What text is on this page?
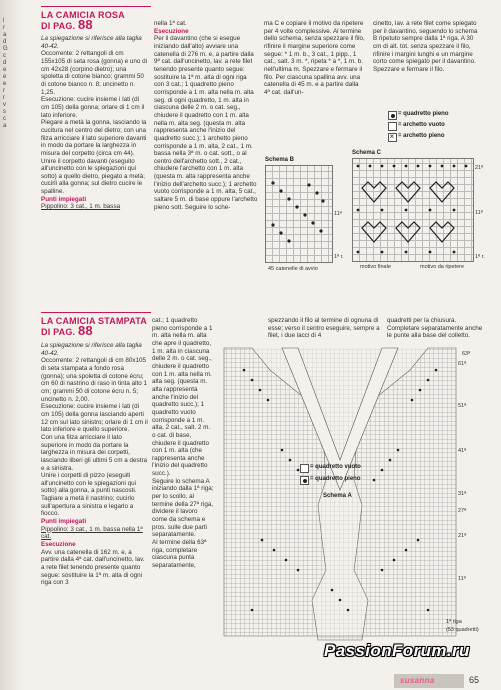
l
r
a
d
G
c
d
e
e
e
r
r
v
s
c
a
LA CAMICIA ROSA
DI PAG. 88

La spiegazione si riferisce alla taglia 40-42.

Occorrente: 2 rettangoli di cm 155x105 di seta rosa (gonna) e uno di cm 42x28 (corpino dietro); una spoletta di cotone bianco; grammi 50 di cotone bianco n. 8; uncinetto n. 1,25.

Esecuzione: cucire insieme i lati (di cm 105) della gonna; orlare di 1 cm il lato inferiore.

Piegare a metà la gonna, lasciando la cucitura nel centro del dietro; con una filza arricciare il lato superiore davanti in modo da portare la larghezza in misura del corpetto (circa cm 44).

Unire il corpetto davanti (eseguito all'uncinetto con le spiegazioni qui sotto) a quello dietro, piegato a metà; cucirli alla gonna; sul dietro cucire le spalline.

Punti impiegati

Pippolino: 3 cat., 1 m. bassa

nella 1ª cat.

Esecuzione

Per il davantino (che si esegue iniziando dall'alto) avviare una catenella di 276 m. e, a partire dalla 9ª cat. dall'uncinetto, lav. a rete filet tenendo presente quanto segue: sostituire la 1ª m. alta di ogni riga con 3 cat.; 1 quadretto pieno corrisponde a 1 m. alta nella m. alta seg. di ogni quadretto, 1 m. alta in ciascuna delle 2 m. o cat. seg., chiudere il quadretto con 1 m. alta nella m. alta seg. (questa m. alta rappresenta anche l'inizio del quadretto succ.); 1 archetto pieno corrisponde a 1 m. alta, 2 cat., 1 m. bassa nella 3ª m. o cat. sott., o al centro dell'archetto sott., 2 cat., chiudere l'archetto con 1 m. alta (questa m. alta rappresenta anche l'inizio dell'archetto succ.); 1 archetto vuoto corrisponde a 1 m. alta, 5 cat., saltare 5 m. di base oppure l'archetto pieno sott. Seguire lo sche-

ma C e copiare il motivo da ripetere per 4 volte complessive. Al termine dello schema, senza spezzare il filo, rifinire il margine superiore come segue: * 1 m. b., 3 cat., 1 pipp., 1 cat., salt. 3 m. *, ripeta * a *, 1 m. b. nell'ultima m. Spezzare e fermare il filo. Per ciascuna spallina avv. una catenella di 45 m. e a partire dalla 4ª cat. dall'un-

cinetto, lav. a rete filet come spiegato per il davantino, seguendo lo schema B ripetuto sempre dalla 1ª riga. A 30 cm di alt. tot. senza spezzare il filo, rifinire i margini lunghi e un margine corto come spiegato per il davantino. Spezzare e fermare il filo.

= quadretto pieno
= archetto vuoto
×
= archetto pieno
Schema B
11ª
1ª r.
45 catenelle di avvio
Schema C
21ª
11ª
1ª r.
motivo finale	motivo da ripetere
LA CAMICIA STAMPATA
DI PAG. 88

La spiegazione si riferisce alla taglia 40-42.

Occorrente: 2 rettangoli di cm 80x105 di seta stampata a fondo rosa (gonna); una spoletta di cotone écru; cm 60 di nastrino di raso in tinta alto 1 cm; grammi 50 di cotone écru n. 5; uncinetto n. 2,00.

Esecuzione: cucire insieme i lati (di cm 105) della gonna lasciando aperti 12 cm sul lato sinistro; orlare di 1 cm il lato inferiore e quello superiore.

Con una filza arricciare il lato superiore in modo da portare la larghezza in misura dei corpetti, lasciando liberi gli ultimi 5 cm a destra e a sinistra.

Unire i corpetti di pizzo (eseguiti all'uncinetto con le spiegazioni qui sotto) alla gonna, a punti nascosti. Tagliare a metà il nastrino; cucirlo sull'apertura a sinistra e legarlo a fiocco.

Punti impiegati

Pippolino: 3 cat., 1 m. bassa nella 1ª cat.

Esecuzione

Avv. una catenella di 162 m. e, a partire dalla 4ª cat. dall'uncinetto, lav. a rete filet tenendo presente quanto segue: sostituire la 1ª m. alta di ogni riga con 3

cat.; 1 quadretto pieno corrisponde a 1 m. alta nella m. alta che apre il quadretto, 1 m. alta in ciascuna delle 2 m. o cat. seg., chiudere il quadretto con 1 m. alta nella m. alta seg. (questa m. alta rappresenta anche l'inizio del quadretto succ.); 1 quadretto vuoto corrisponde a 1 m. alta, 2 cat., salt. 2 m. o cat. di base, chiudere il quadretto con 1 m. alta (che rappresenta anche l'inizio del quadretto succ.).

Seguire lo schema A iniziando dalla 1ª riga; per lo scollo, al termine della 27ª riga, dividere il lavoro come da schema e pros. sulle due parti separatamente.

Al termine della 63ª riga, completare ciascuna punta separatamente,

spezzando il filo al termine di ognuna di esse; verso il centro eseguire, sempre a filet, i due lacci di 4

quadretti per la chiusura. Completare separatamente anche le punte alla base del colletto.

63ª
61ª
51ª
41ª
31ª
27ª
21ª
11ª
1ª riga
(53 quadretti)
= quadretto vuoto
= quadretto pieno
Schema A
susanna	65
PassionForum.ru
